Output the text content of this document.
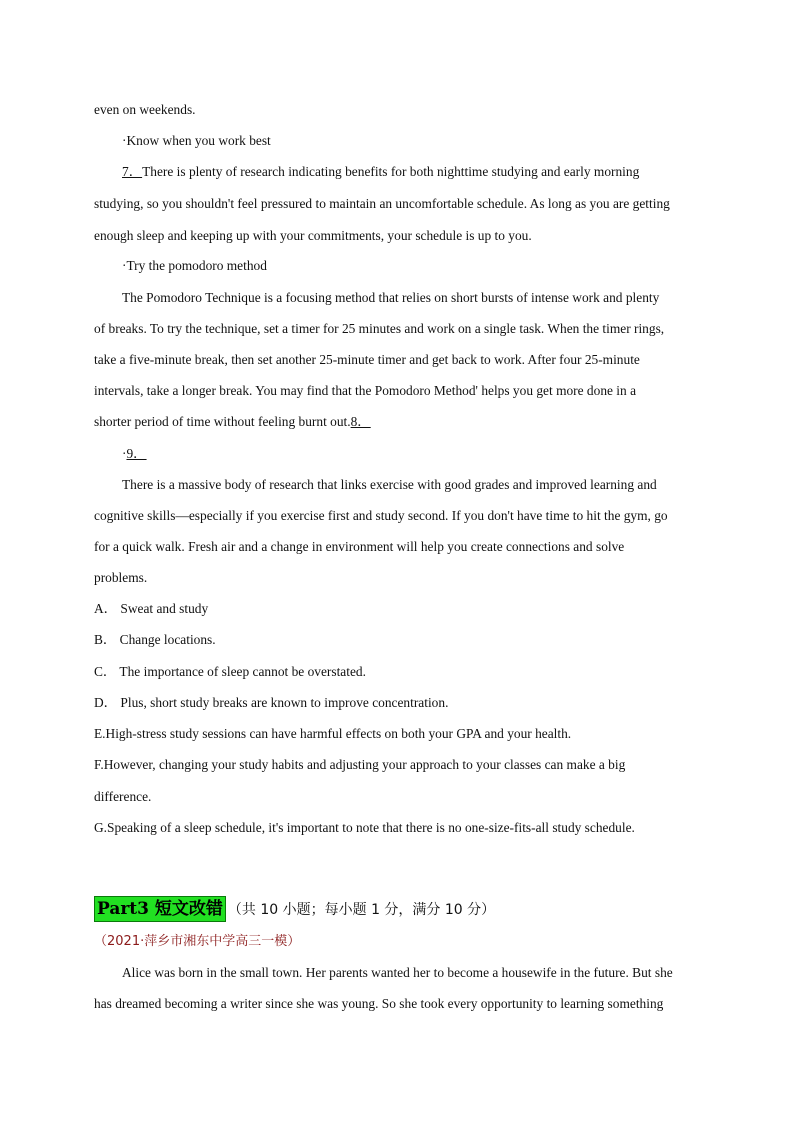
even on weekends.
·Know when you work best
7．There is plenty of research indicating benefits for both nighttime studying and early morning
studying, so you shouldn't feel pressured to maintain an uncomfortable schedule. As long as you are getting
enough sleep and keeping up with your commitments, your schedule is up to you.
·Try the pomodoro method
The Pomodoro Technique is a focusing method that relies on short bursts of intense work and plenty
of breaks. To try the technique, set a timer for 25 minutes and work on a single task. When the timer rings,
take a five-minute break, then set another 25-minute timer and get back to work. After four 25-minute
intervals, take a longer break. You may find that the Pomodoro Method' helps you get more done in a
shorter period of time without feeling burnt out.8．
·9．
There is a massive body of research that links exercise with good grades and improved learning and
cognitive skills—especially if you exercise first and study second. If you don't have time to hit the gym, go
for a quick walk. Fresh air and a change in environment will help you create connections and solve
problems.
A． Sweat and study
B． Change locations.
C． The importance of sleep cannot be overstated.
D． Plus, short study breaks are known to improve concentration.
E.High-stress study sessions can have harmful effects on both your GPA and your health.
F.However, changing your study habits and adjusting your approach to your classes can make a big
difference.
G.Speaking of a sleep schedule, it's important to note that there is no one-size-fits-all study schedule.
Part3 短文改错 （共 10 小题；每小题 1 分，满分 10 分）
（2021·萍乡市湘东中学高三一模）
Alice was born in the small town. Her parents wanted her to become a housewife in the future. But she
has dreamed becoming a writer since she was young. So she took every opportunity to learning something
